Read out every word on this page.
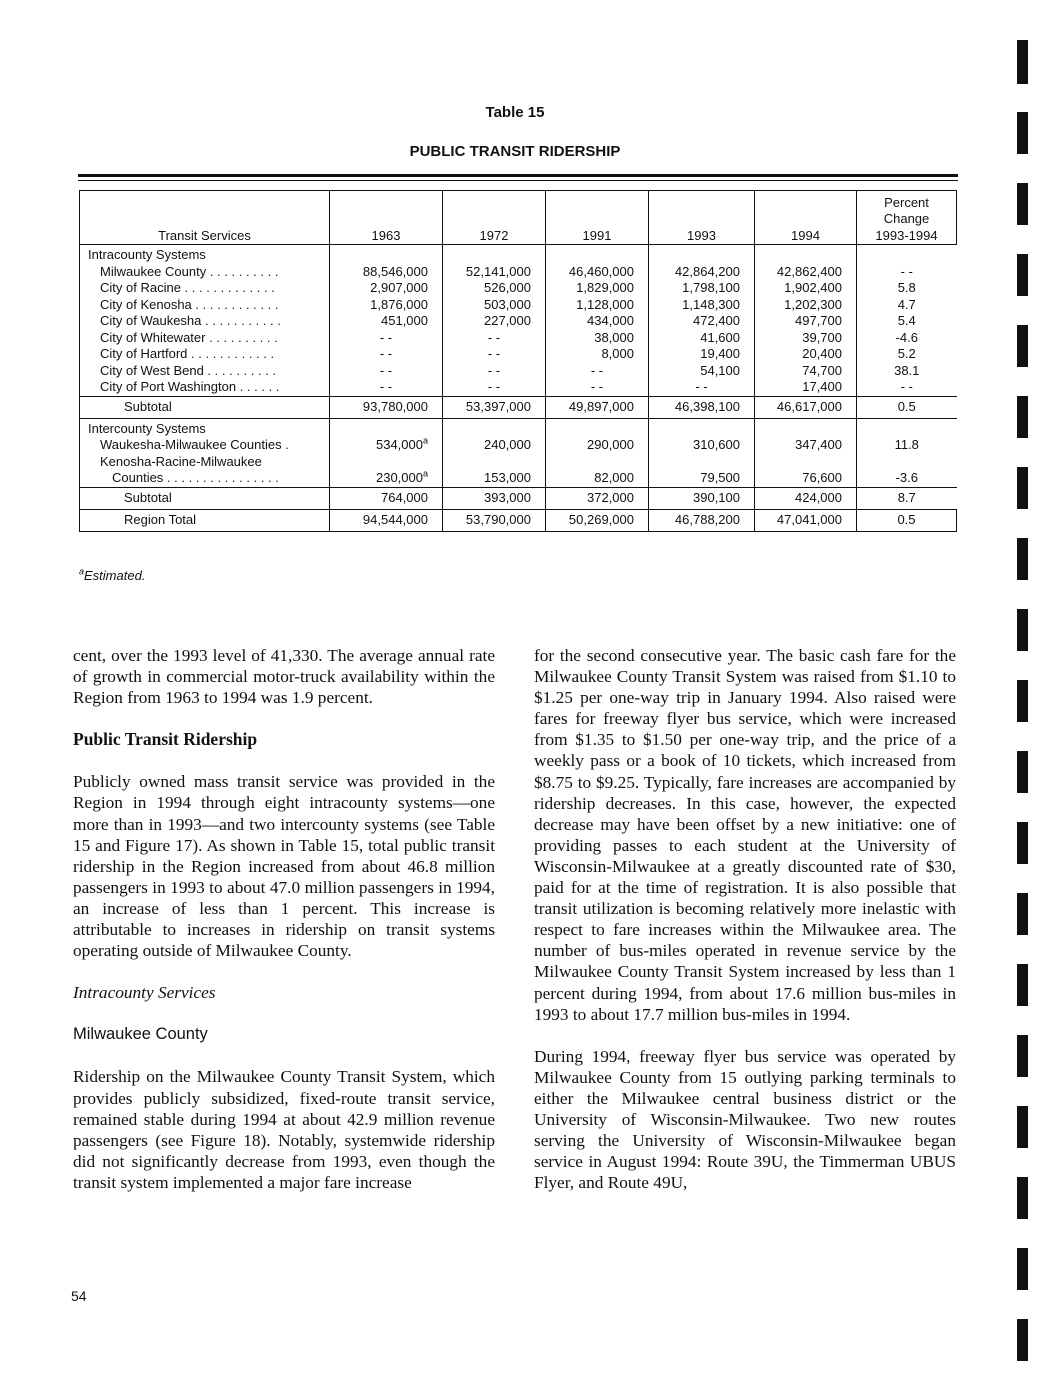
Table 15
PUBLIC TRANSIT RIDERSHIP
Transit Services	1963	1972	1991	1993	1994	Percent
Change
1993-1994

Intracounty Systems						

Milwaukee County . . . . . . . . . .	88,546,000	52,141,000	46,460,000	42,864,200	42,862,400	- -

City of Racine . . . . . . . . . . . . .	2,907,000	526,000	1,829,000	1,798,100	1,902,400	5.8

City of Kenosha . . . . . . . . . . . .	1,876,000	503,000	1,128,000	1,148,300	1,202,300	4.7

City of Waukesha . . . . . . . . . . .	451,000	227,000	434,000	472,400	497,700	5.4

City of Whitewater . . . . . . . . . .	- -	- -	38,000	41,600	39,700	-4.6

City of Hartford . . . . . . . . . . . .	- -	- -	8,000	19,400	20,400	5.2

City of West Bend . . . . . . . . . .	- -	- -	- -	54,100	74,700	38.1

City of Port Washington . . . . . .	- -	- -	- -	- -	17,400	- -

Subtotal	93,780,000	53,397,000	49,897,000	46,398,100	46,617,000	0.5

Intercounty Systems						

Waukesha-Milwaukee Counties .	534,000$^a$	240,000	290,000	310,600	347,400	11.8

Kenosha-Racine-Milwaukee						

Counties . . . . . . . . . . . . . . . .	230,000$^a$	153,000	82,000	79,500	76,600	-3.6

Subtotal	764,000	393,000	372,000	390,100	424,000	8.7

Region Total	94,544,000	53,790,000	50,269,000	46,788,200	47,041,000	0.5
$^a$Estimated.

cent, over the 1993 level of 41,330. The average annual rate of growth in commercial motor-truck availability within the Region from 1963 to 1994 was 1.9 percent.

Public Transit Ridership

Publicly owned mass transit service was provided in the Region in 1994 through eight intracounty systems—one more than in 1993—and two intercounty systems (see Table 15 and Figure 17). As shown in Table 15, total public transit ridership in the Region increased from about 46.8 million passengers in 1993 to about 47.0 million passengers in 1994, an increase of less than 1 percent. This increase is attributable to increases in ridership on transit systems operating outside of Milwaukee County.

Intracounty Services

Milwaukee County

Ridership on the Milwaukee County Transit System, which provides publicly subsidized, fixed-route transit service, remained stable during 1994 at about 42.9 million revenue passengers (see Figure 18). Notably, systemwide ridership did not significantly decrease from 1993, even though the transit system implemented a major fare increase

for the second consecutive year. The basic cash fare for the Milwaukee County Transit System was raised from $1.10 to $1.25 per one-way trip in January 1994. Also raised were fares for freeway flyer bus service, which were increased from $1.35 to $1.50 per one-way trip, and the price of a weekly pass or a book of 10 tickets, which increased from $8.75 to $9.25. Typically, fare increases are accompanied by ridership decreases. In this case, however, the expected decrease may have been offset by a new initiative: one of providing passes to each student at the University of Wisconsin-Milwaukee at a greatly discounted rate of $30, paid for at the time of registration. It is also possible that transit utilization is becoming relatively more inelastic with respect to fare increases within the Milwaukee area. The number of bus-miles operated in revenue service by the Milwaukee County Transit System increased by less than 1 percent during 1994, from about 17.6 million bus-miles in 1993 to about 17.7 million bus-miles in 1994.

During 1994, freeway flyer bus service was operated by Milwaukee County from 15 outlying parking terminals to either the Milwaukee central business district or the University of Wisconsin-Milwaukee. Two new routes serving the University of Wisconsin-Milwaukee began service in August 1994: Route 39U, the Timmerman UBUS Flyer, and Route 49U,

54
